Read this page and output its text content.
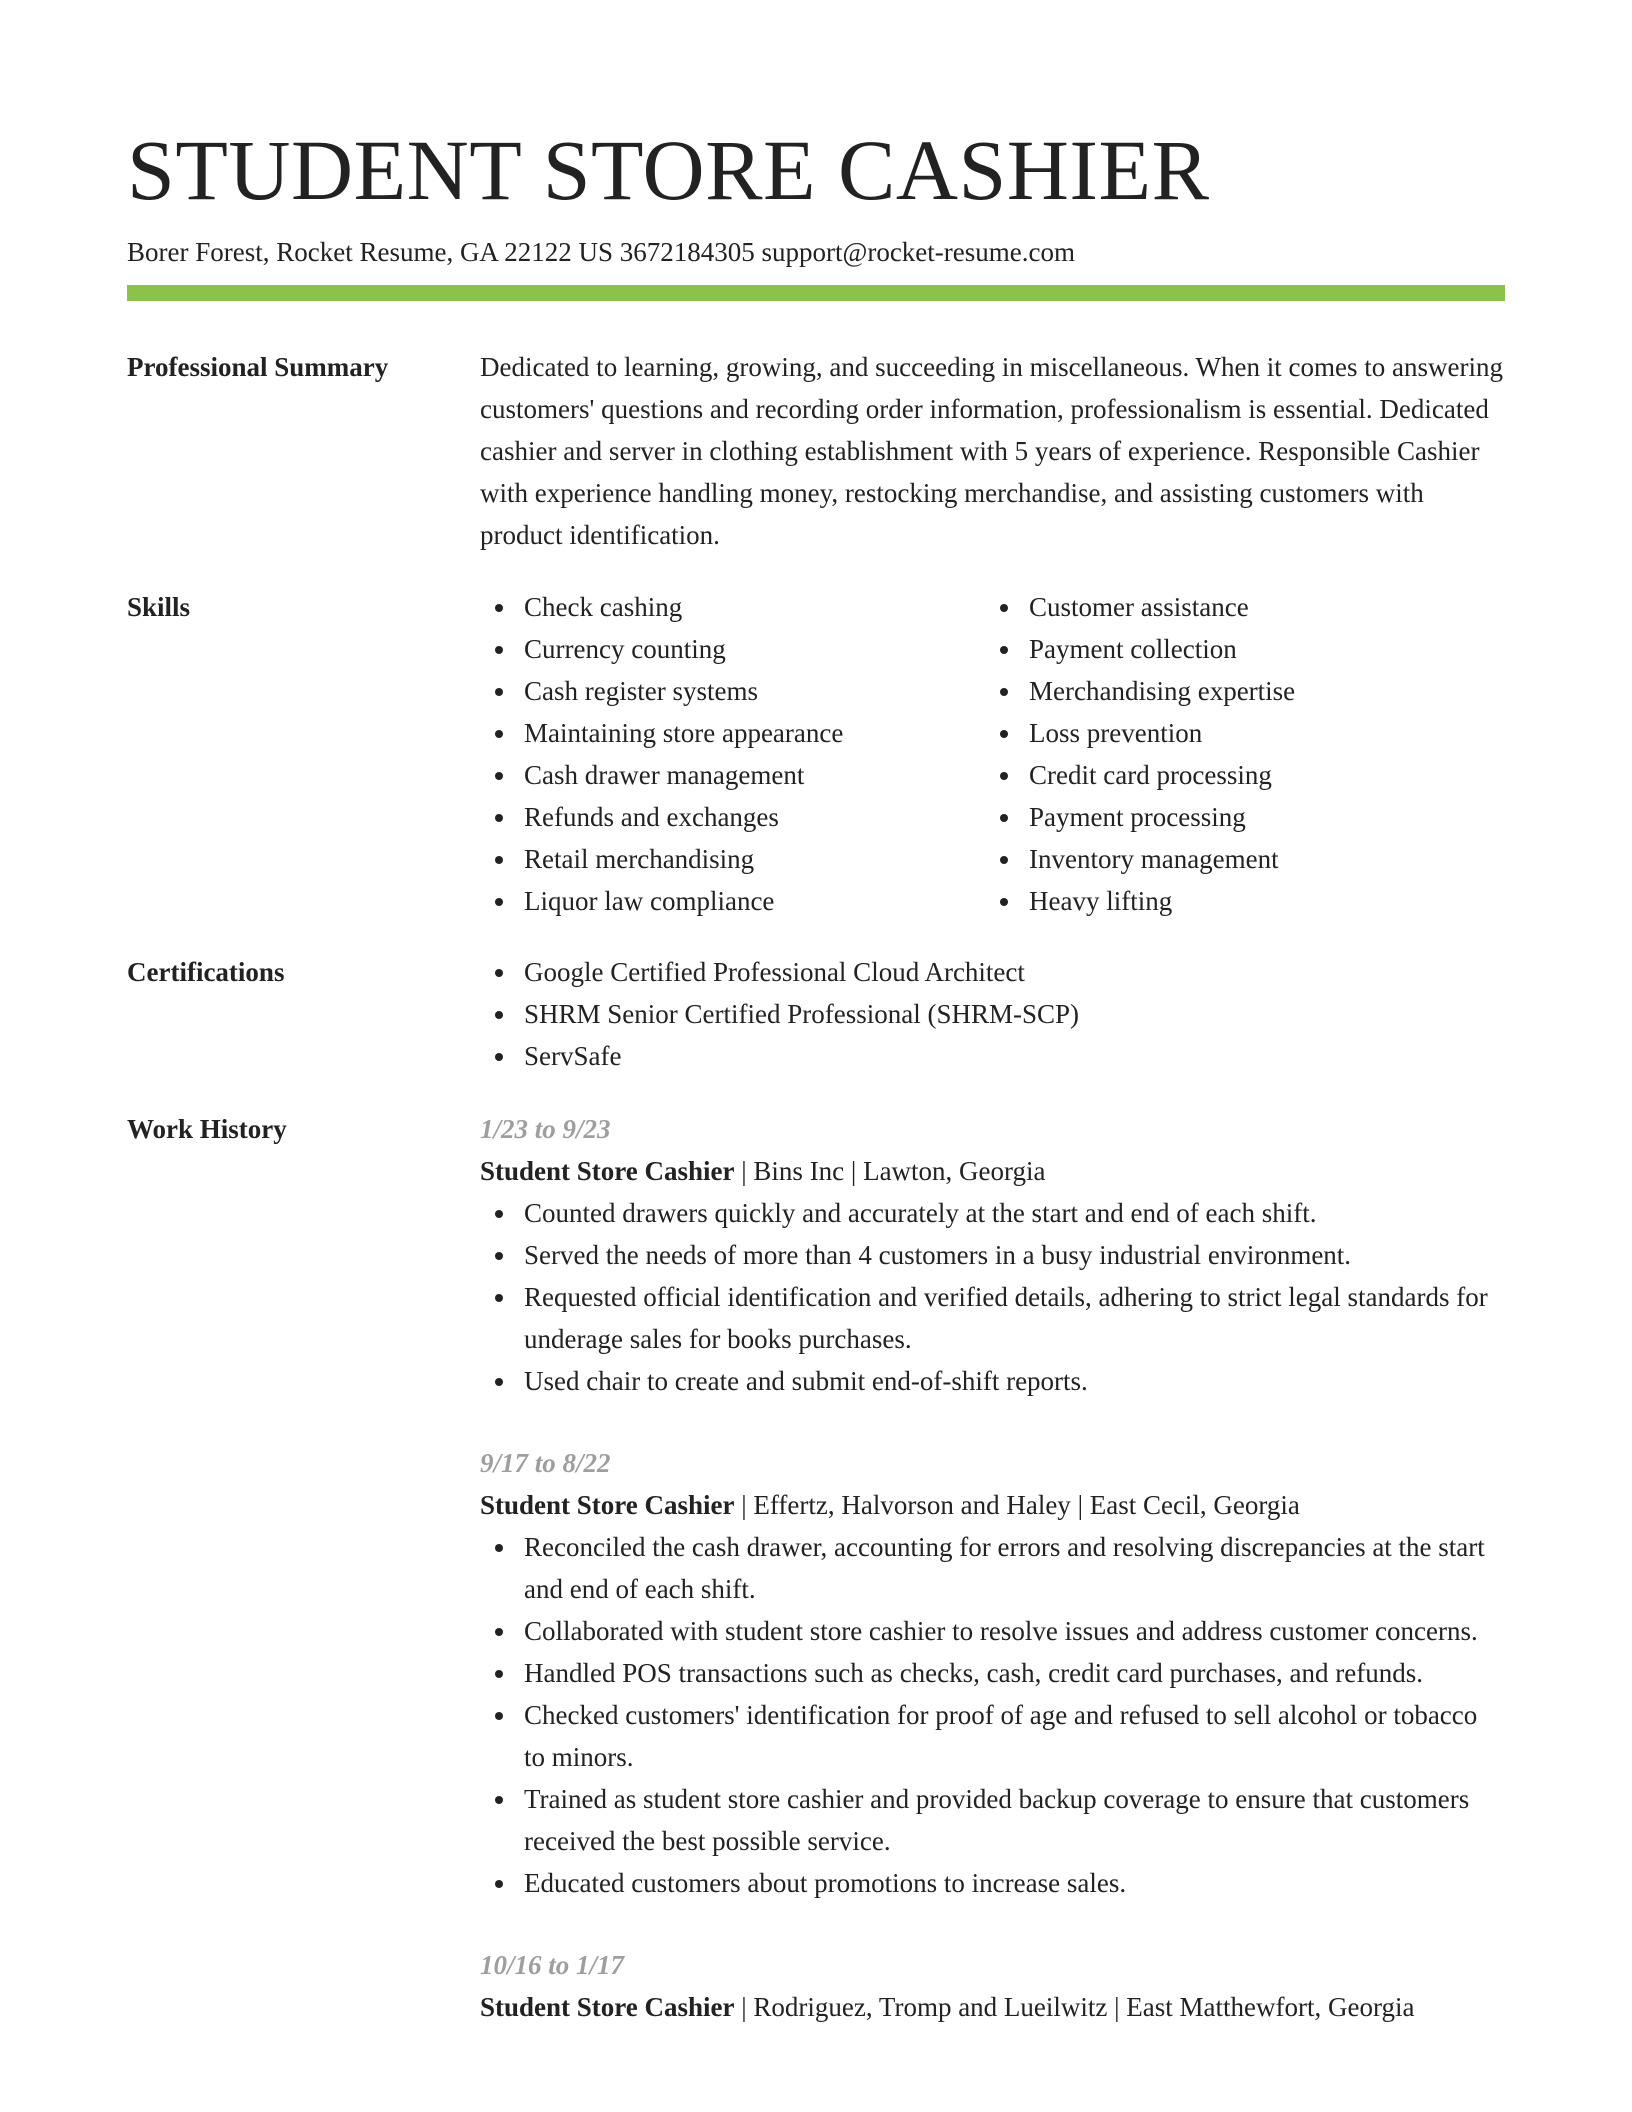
STUDENT STORE CASHIER
Borer Forest, Rocket Resume, GA 22122 US 3672184305 support@rocket-resume.com
Professional Summary	Dedicated to learning, growing, and succeeding in miscellaneous. When it comes to answering customers' questions and recording order information, professionalism is essential. Dedicated cashier and server in clothing establishment with 5 years of experience. Responsible Cashier with experience handling money, restocking merchandise, and assisting customers with product identification.

Skills	Check cashing
Currency counting
Cash register systems
Maintaining store appearance
Cash drawer management
Refunds and exchanges
Retail merchandising
Liquor law compliance
Customer assistance
Payment collection
Merchandising expertise
Loss prevention
Credit card processing
Payment processing
Inventory management
Heavy lifting
Certifications	Google Certified Professional Cloud Architect
SHRM Senior Certified Professional (SHRM-SCP)
ServSafe
Work History	1/23 to 9/23
Student Store Cashier | Bins Inc | Lawton, Georgia
Counted drawers quickly and accurately at the start and end of each shift.
Served the needs of more than 4 customers in a busy industrial environment.
Requested official identification and verified details, adhering to strict legal standards for underage sales for books purchases.
Used chair to create and submit end-of-shift reports.
9/17 to 8/22
Student Store Cashier | Effertz, Halvorson and Haley | East Cecil, Georgia
Reconciled the cash drawer, accounting for errors and resolving discrepancies at the start and end of each shift.
Collaborated with student store cashier to resolve issues and address customer concerns.
Handled POS transactions such as checks, cash, credit card purchases, and refunds.
Checked customers' identification for proof of age and refused to sell alcohol or tobacco to minors.
Trained as student store cashier and provided backup coverage to ensure that customers received the best possible service.
Educated customers about promotions to increase sales.
10/16 to 1/17
Student Store Cashier | Rodriguez, Tromp and Lueilwitz | East Matthewfort, Georgia
